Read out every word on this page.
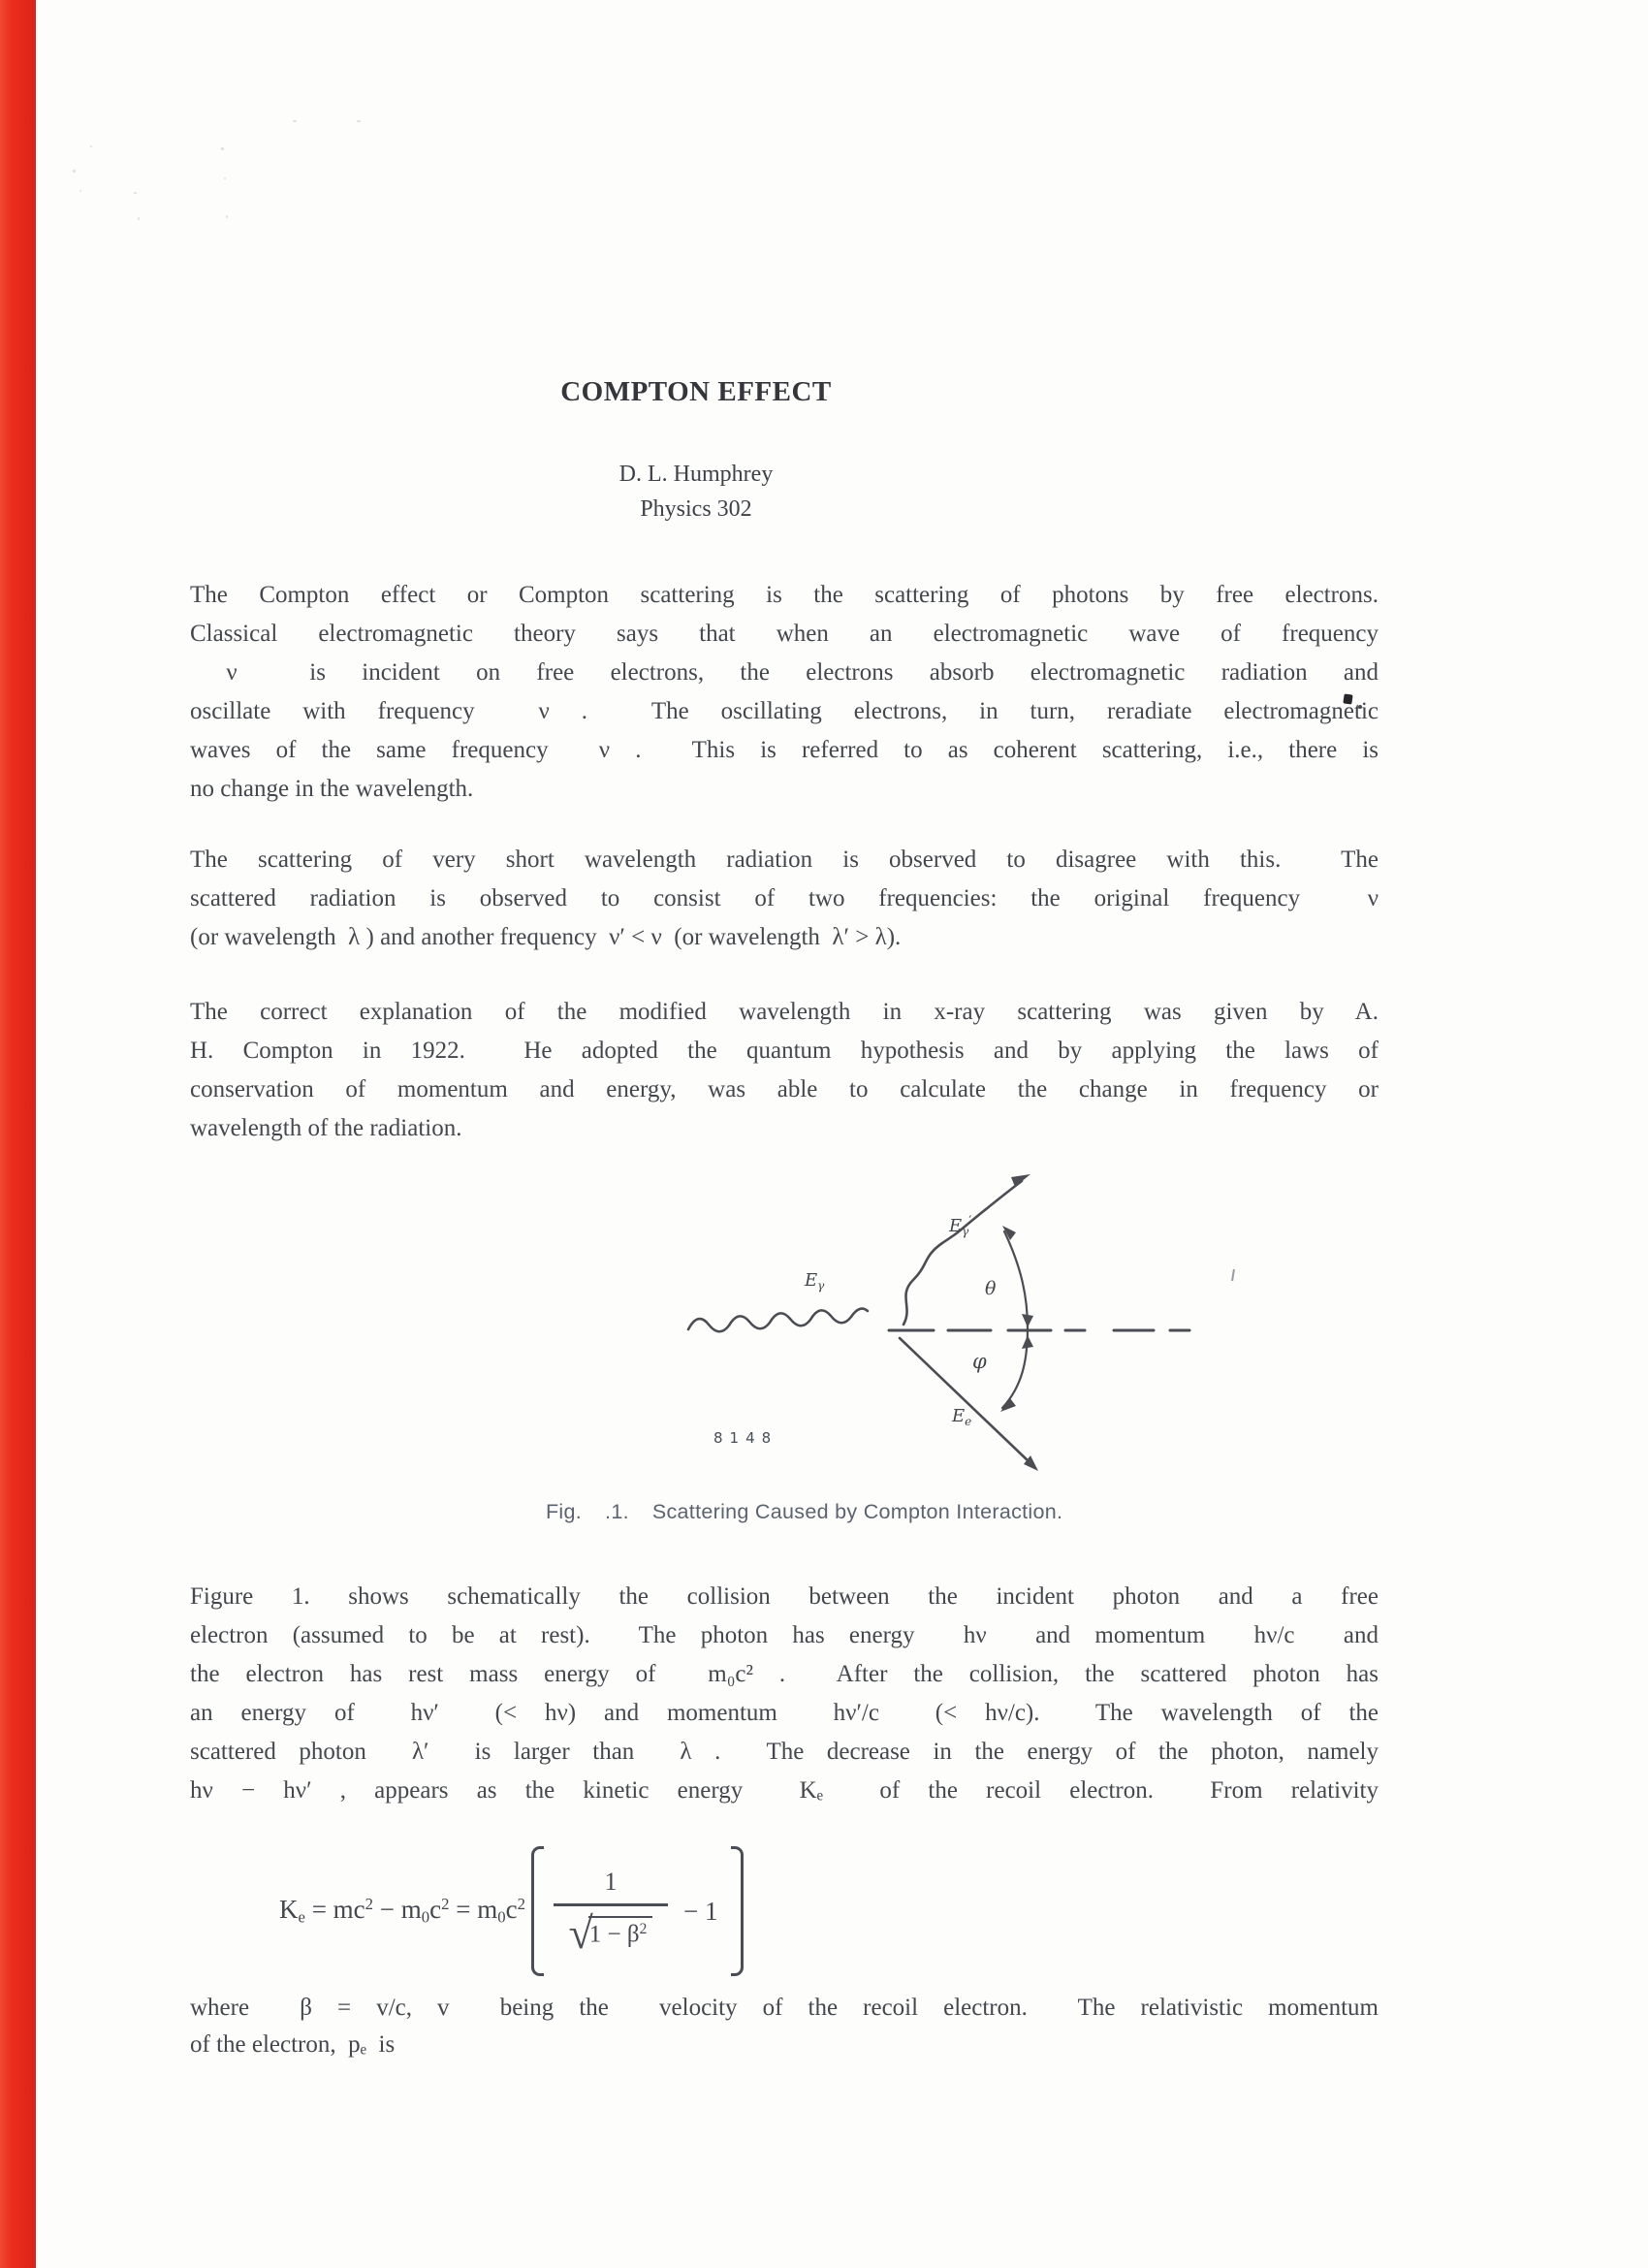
COMPTON EFFECT
D. L. Humphrey
Physics 302
The Compton effect or Compton scattering is the scattering of photons by free electrons.
Classical electromagnetic theory says that when an electromagnetic wave of frequency
ν  is incident on free electrons, the electrons absorb electromagnetic radiation and
oscillate with frequency  ν .  The oscillating electrons, in turn, reradiate electromagnetic
waves of the same frequency  ν .  This is referred to as coherent scattering, i.e., there is
no change in the wavelength.
The scattering of very short wavelength radiation is observed to disagree with this.  The
scattered radiation is observed to consist of two frequencies: the original frequency  ν
(or wavelength  λ ) and another frequency  ν′ < ν  (or wavelength  λ′ > λ).
The correct explanation of the modified wavelength in x-ray scattering was given by A.
H. Compton in 1922.  He adopted the quantum hypothesis and by applying the laws of
conservation of momentum and energy, was able to calculate the change in frequency or
wavelength of the radiation.
Figure 1. shows schematically the collision between the incident photon and a free
electron (assumed to be at rest).  The photon has energy  hν  and momentum  hν/c  and
the electron has rest mass energy of  m₀c² .  After the collision, the scattered photon has
an energy of  hν′  (< hν) and momentum  hν′/c  (< hν/c).  The wavelength of the
scattered photon  λ′  is larger than  λ .  The decrease in the energy of the photon, namely
hν − hν′ , appears as the kinetic energy  Kₑ  of the recoil electron.  From relativity
where  β = v/c, v  being the  velocity of the recoil electron.  The relativistic momentum
of the electron,  pₑ  is
$E_\gamma$
$E_\gamma'$
θ
φ
$E_e$
8148
Fig. .1. Scattering Caused by Compton Interaction.
$K_e = mc^2 - m_0c^2 = m_0c^2$ 1
√
$1 - \beta^2 - 1$
